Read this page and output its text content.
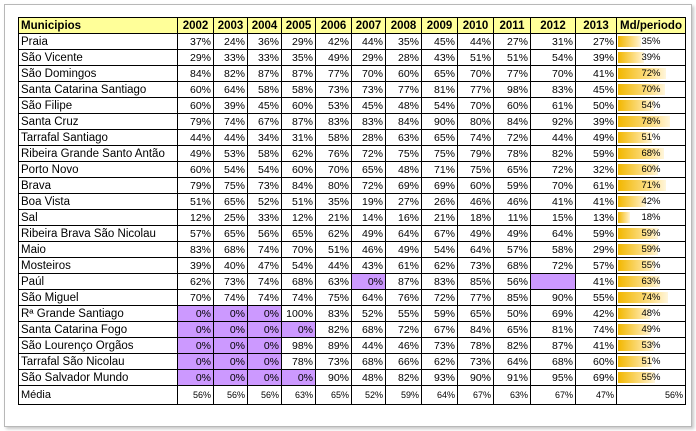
Municipios	2002	2003	2004	2005	2006	2007	2008	2009	2010	2011	2012	2013	Md/periodo
Praia	37%	24%	36%	29%	42%	44%	35%	45%	44%	27%	31%	27%	35%
São Vicente	29%	33%	33%	35%	49%	29%	28%	43%	51%	51%	54%	39%	39%
São Domingos	84%	82%	87%	87%	77%	70%	60%	65%	70%	77%	70%	41%	72%
Santa Catarina Santiago	60%	64%	58%	58%	73%	73%	77%	81%	77%	98%	83%	45%	70%
São Filipe	60%	39%	45%	60%	53%	45%	48%	54%	70%	60%	61%	50%	54%
Santa Cruz	79%	74%	67%	87%	83%	83%	84%	90%	80%	84%	92%	39%	78%
Tarrafal Santiago	44%	44%	34%	31%	58%	28%	63%	65%	74%	72%	44%	49%	51%
Ribeira Grande Santo Antão	49%	53%	58%	62%	76%	72%	75%	75%	79%	78%	82%	59%	68%
Porto Novo	60%	54%	54%	60%	70%	65%	48%	71%	75%	65%	72%	32%	60%
Brava	79%	75%	73%	84%	80%	72%	69%	69%	60%	59%	70%	61%	71%
Boa Vista	51%	65%	52%	51%	35%	19%	27%	26%	46%	46%	41%	41%	42%
Sal	12%	25%	33%	12%	21%	14%	16%	21%	18%	11%	15%	13%	18%
Ribeira Brava São Nicolau	57%	65%	56%	65%	62%	49%	64%	67%	49%	49%	64%	59%	59%
Maio	83%	68%	74%	70%	51%	46%	49%	54%	64%	57%	58%	29%	59%
Mosteiros	39%	40%	47%	54%	44%	43%	61%	62%	73%	68%	72%	57%	55%
Paúl	62%	73%	74%	68%	63%	0%	87%	83%	85%	56%		41%	63%
São Miguel	70%	74%	74%	74%	75%	64%	76%	72%	77%	85%	90%	55%	74%
Rª Grande Santiago	0%	0%	0%	100%	83%	52%	55%	59%	65%	50%	69%	42%	48%
Santa Catarina Fogo	0%	0%	0%	0%	82%	68%	72%	67%	84%	65%	81%	74%	49%
São Lourenço Orgãos	0%	0%	0%	98%	89%	44%	46%	73%	78%	82%	87%	41%	53%
Tarrafal São Nicolau	0%	0%	0%	78%	73%	68%	66%	62%	73%	64%	68%	60%	51%
São Salvador Mundo	0%	0%	0%	0%	90%	48%	82%	93%	90%	91%	95%	69%	55%
Média	56%	56%	56%	63%	65%	52%	59%	64%	67%	63%	67%	47%	56%
